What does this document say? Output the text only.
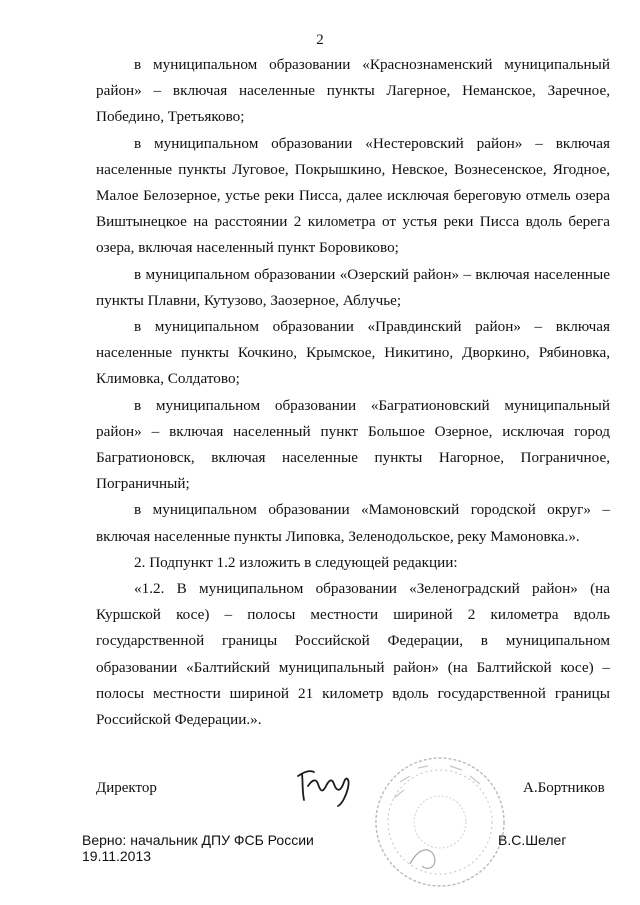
2

в муниципальном образовании «Краснознаменский муниципальный район» – включая населенные пункты Лагерное, Неманское, Заречное, Победино, Третьяково;

в муниципальном образовании «Нестеровский район» – включая населенные пункты Луговое, Покрышкино, Невское, Вознесенское, Ягодное, Малое Белозерное, устье реки Писса, далее исключая береговую отмель озера Виштынецкое на расстоянии 2 километра от устья реки Писса вдоль берега озера, включая населенный пункт Боровиково;

в муниципальном образовании «Озерский район» – включая населенные пункты Плавни, Кутузово, Заозерное, Аблучье;

в муниципальном образовании «Правдинский район» – включая населенные пункты Кочкино, Крымское, Никитино, Дворкино, Рябиновка, Климовка, Солдатово;

в муниципальном образовании «Багратионовский муниципальный район» – включая населенный пункт Большое Озерное, исключая город Багратионовск, включая населенные пункты Нагорное, Пограничное, Пограничный;

в муниципальном образовании «Мамоновский городской округ» – включая населенные пункты Липовка, Зеленодольское, реку Мамоновка.».

2. Подпункт 1.2 изложить в следующей редакции:

«1.2. В муниципальном образовании «Зеленоградский район» (на Куршской косе) – полосы местности шириной 2 километра вдоль государственной границы Российской Федерации, в муниципальном образовании «Балтийский муниципальный район» (на Балтийской косе) – полосы местности шириной 21 километр вдоль государственной границы Российской Федерации.».

Директор	А.Бортников
Верно: начальник ДПУ ФСБ России
19.11.2013
В.С.Шелег
